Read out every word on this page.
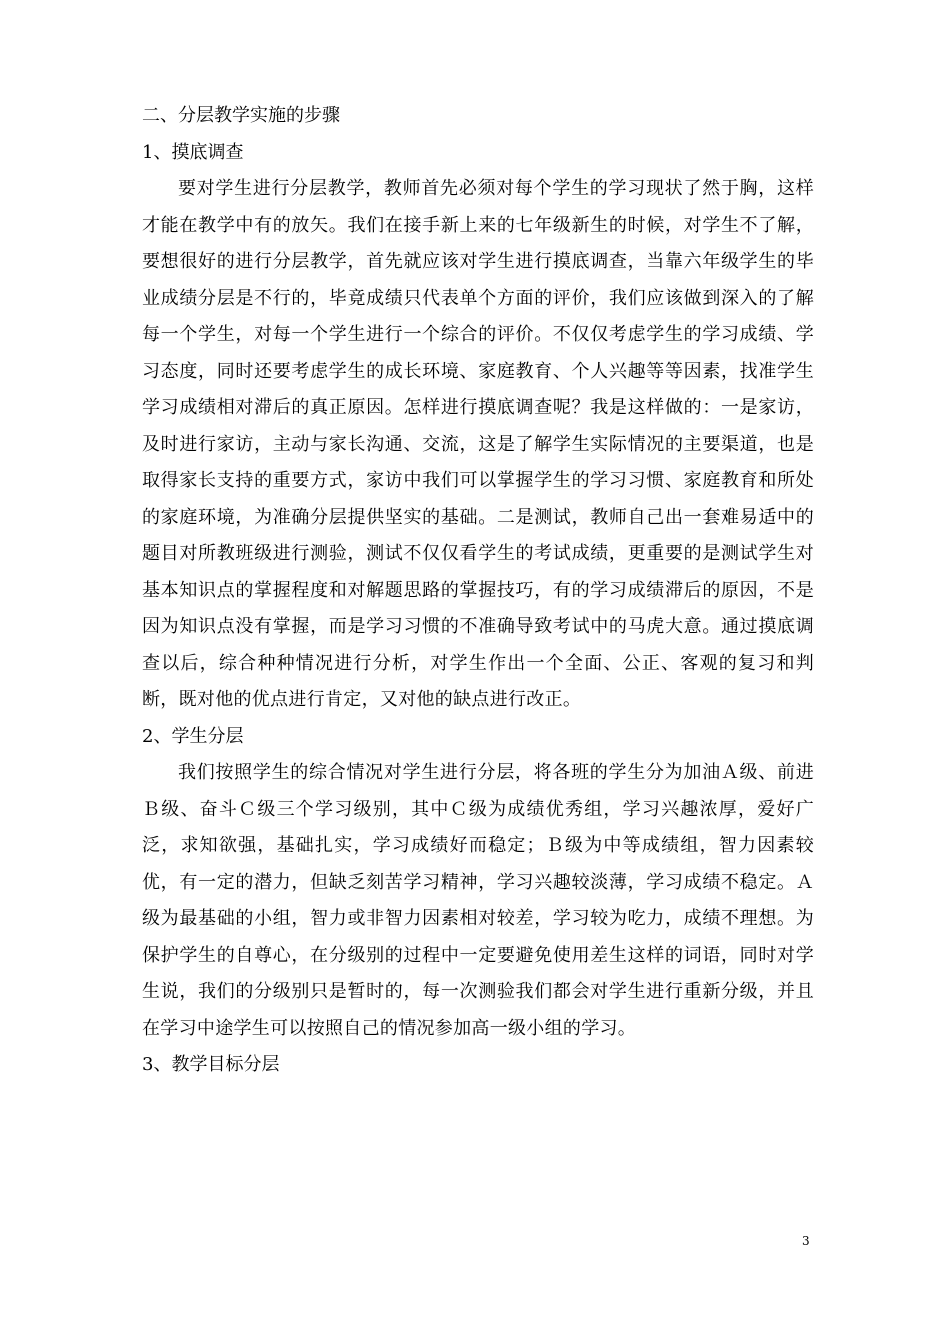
二、分层教学实施的步骤

1、摸底调查

要对学生进行分层教学，教师首先必须对每个学生的学习现状了然于胸，这样才能在教学中有的放矢。我们在接手新上来的七年级新生的时候，对学生不了解，要想很好的进行分层教学，首先就应该对学生进行摸底调查，当靠六年级学生的毕业成绩分层是不行的，毕竟成绩只代表单个方面的评价，我们应该做到深入的了解每一个学生，对每一个学生进行一个综合的评价。不仅仅考虑学生的学习成绩、学习态度，同时还要考虑学生的成长环境、家庭教育、个人兴趣等等因素，找准学生学习成绩相对滞后的真正原因。怎样进行摸底调查呢？我是这样做的：一是家访，及时进行家访，主动与家长沟通、交流，这是了解学生实际情况的主要渠道，也是取得家长支持的重要方式，家访中我们可以掌握学生的学习习惯、家庭教育和所处的家庭环境，为准确分层提供坚实的基础。二是测试，教师自己出一套难易适中的题目对所教班级进行测验，测试不仅仅看学生的考试成绩，更重要的是测试学生对基本知识点的掌握程度和对解题思路的掌握技巧，有的学习成绩滞后的原因，不是因为知识点没有掌握，而是学习习惯的不准确导致考试中的马虎大意。通过摸底调查以后，综合种种情况进行分析，对学生作出一个全面、公正、客观的复习和判断，既对他的优点进行肯定，又对他的缺点进行改正。

2、学生分层

我们按照学生的综合情况对学生进行分层，将各班的学生分为加油Ａ级、前进Ｂ级、奋斗Ｃ级三个学习级别，其中Ｃ级为成绩优秀组，学习兴趣浓厚，爱好广泛，求知欲强，基础扎实，学习成绩好而稳定；Ｂ级为中等成绩组，智力因素较优，有一定的潜力，但缺乏刻苦学习精神，学习兴趣较淡薄，学习成绩不稳定。Ａ级为最基础的小组，智力或非智力因素相对较差，学习较为吃力，成绩不理想。为保护学生的自尊心，在分级别的过程中一定要避免使用差生这样的词语，同时对学生说，我们的分级别只是暂时的，每一次测验我们都会对学生进行重新分级，并且在学习中途学生可以按照自己的情况参加高一级小组的学习。

3、教学目标分层

3
